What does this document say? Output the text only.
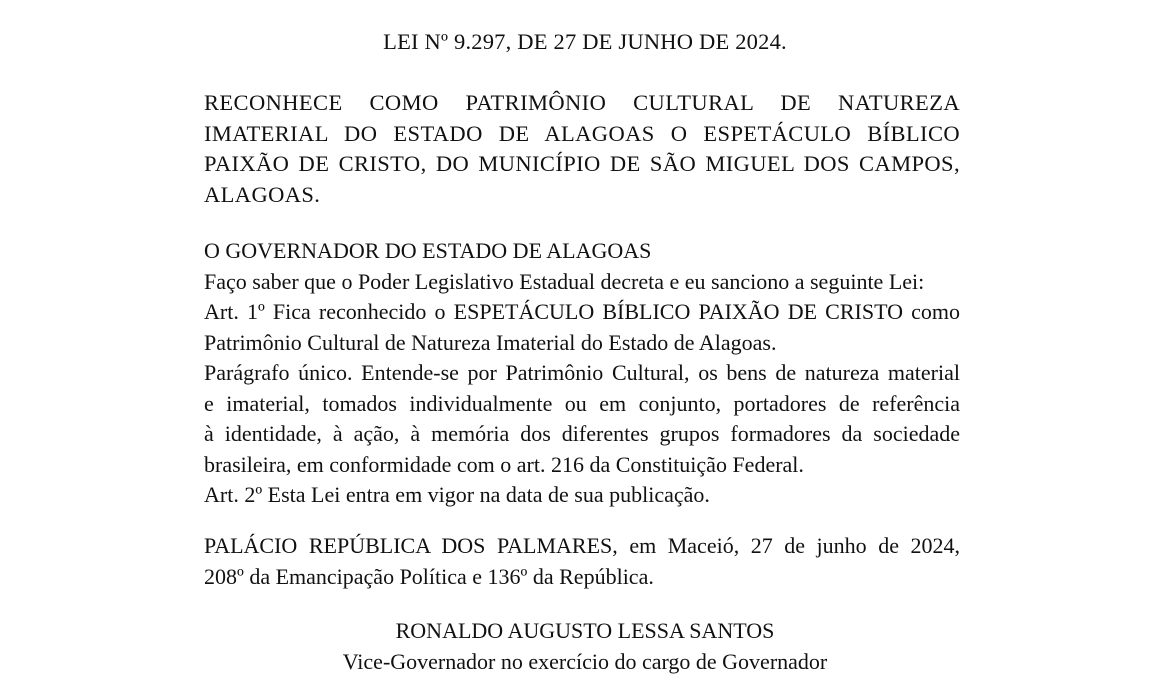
LEI Nº 9.297, DE 27 DE JUNHO DE 2024.
RECONHECE COMO PATRIMÔNIO CULTURAL DE NATUREZA
IMATERIAL DO ESTADO DE ALAGOAS O ESPETÁCULO BÍBLICO
PAIXÃO DE CRISTO, DO MUNICÍPIO DE SÃO MIGUEL DOS CAMPOS,
ALAGOAS.
O GOVERNADOR DO ESTADO DE ALAGOAS
Faço saber que o Poder Legislativo Estadual decreta e eu sanciono a seguinte Lei:
Art. 1º Fica reconhecido o ESPETÁCULO BÍBLICO PAIXÃO DE CRISTO como
Patrimônio Cultural de Natureza Imaterial do Estado de Alagoas.
Parágrafo único. Entende-se por Patrimônio Cultural, os bens de natureza material
e imaterial, tomados individualmente ou em conjunto, portadores de referência
à identidade, à ação, à memória dos diferentes grupos formadores da sociedade
brasileira, em conformidade com o art. 216 da Constituição Federal.
Art. 2º Esta Lei entra em vigor na data de sua publicação.
PALÁCIO REPÚBLICA DOS PALMARES, em Maceió, 27 de junho de 2024,
208º da Emancipação Política e 136º da República.
RONALDO AUGUSTO LESSA SANTOS
Vice-Governador no exercício do cargo de Governador
